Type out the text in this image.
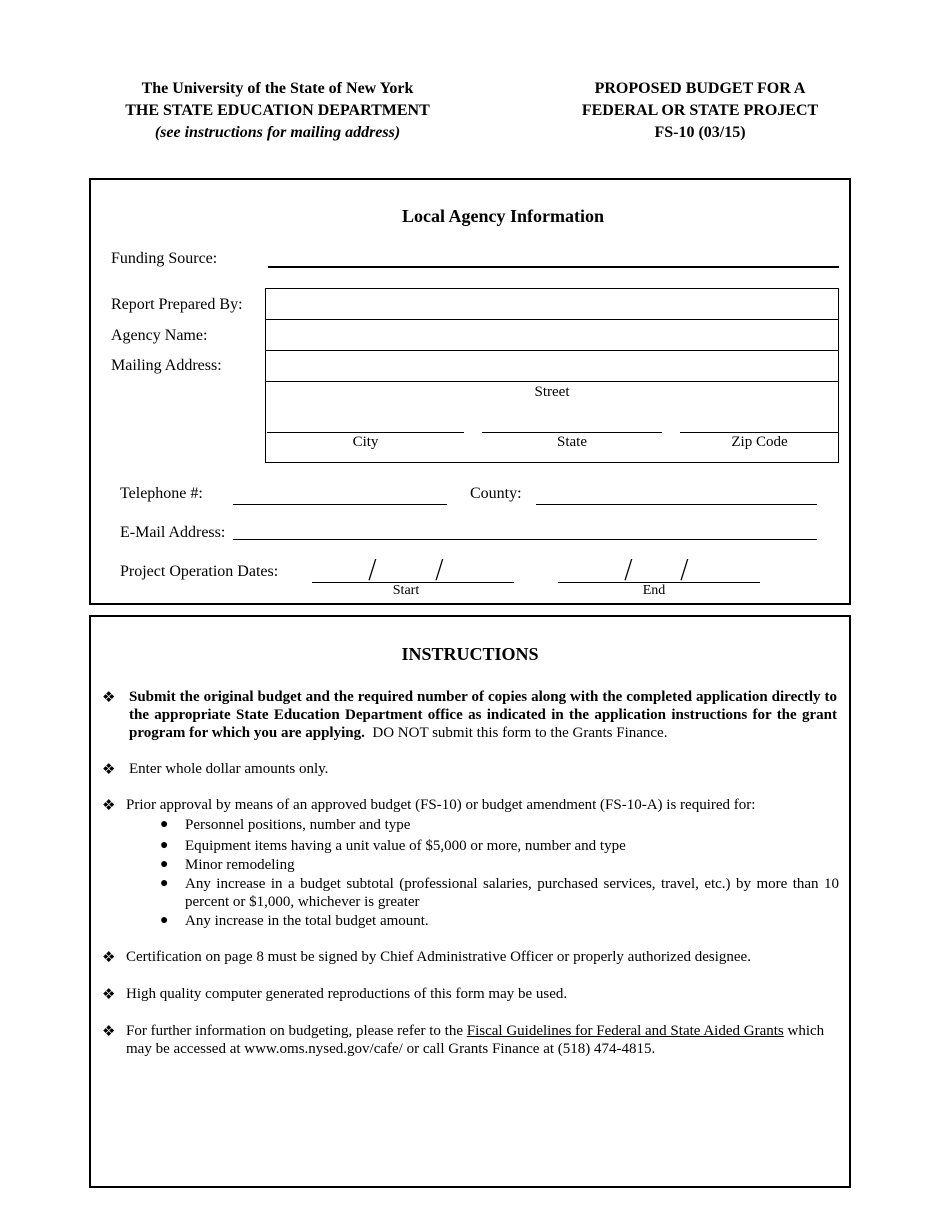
The University of the State of New York
THE STATE EDUCATION DEPARTMENT
(see instructions for mailing address)
PROPOSED BUDGET FOR A
FEDERAL OR STATE PROJECT
FS-10 (03/15)
Local Agency Information
Funding Source:
Report Prepared By:
Agency Name:
Mailing Address:
Street
City	State	Zip Code
Telephone #:	County:
E-Mail Address:
Project Operation Dates:	/ /
Start
/ /
End
INSTRUCTIONS
❖ Submit the original budget and the required number of copies along with the completed application directly to the appropriate State Education Department office as indicated in the application instructions for the grant program for which you are applying. DO NOT submit this form to the Grants Finance.
❖ Enter whole dollar amounts only.
❖ Prior approval by means of an approved budget (FS-10) or budget amendment (FS-10-A) is required for:
● Personnel positions, number and type
● Equipment items having a unit value of $5,000 or more, number and type
● Minor remodeling
● Any increase in a budget subtotal (professional salaries, purchased services, travel, etc.) by more than 10 percent or $1,000, whichever is greater
● Any increase in the total budget amount.
❖ Certification on page 8 must be signed by Chief Administrative Officer or properly authorized designee.
❖ High quality computer generated reproductions of this form may be used.
❖ For further information on budgeting, please refer to the Fiscal Guidelines for Federal and State Aided Grants which may be accessed at www.oms.nysed.gov/cafe/ or call Grants Finance at (518) 474-4815.
